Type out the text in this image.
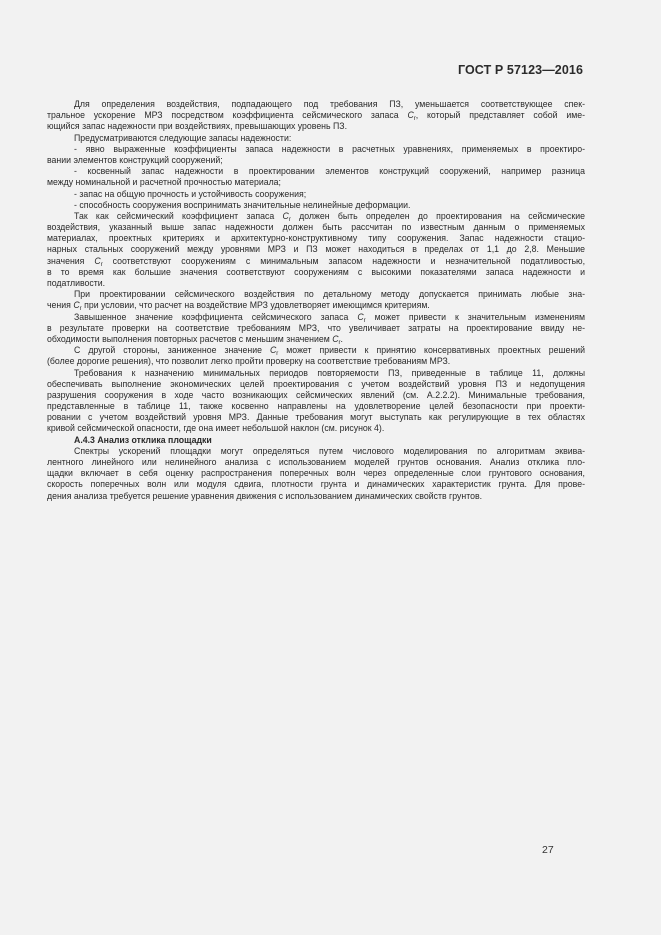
ГОСТ Р 57123—2016
Для определения воздействия, подпадающего под требования ПЗ, уменьшается соответствующее спек-
тральное ускорение МРЗ посредством коэффициента сейсмического запаса $C_r$, который представляет собой име-
ющийся запас надежности при воздействиях, превышающих уровень ПЗ.
Предусматриваются следующие запасы надежности:
- явно выраженные коэффициенты запаса надежности в расчетных уравнениях, применяемых в проектиро-
вании элементов конструкций сооружений;
- косвенный запас надежности в проектировании элементов конструкций сооружений, например разница
между номинальной и расчетной прочностью материала;
- запас на общую прочность и устойчивость сооружения;
- способность сооружения воспринимать значительные нелинейные деформации.
Так как сейсмический коэффициент запаса $C_r$ должен быть определен до проектирования на сейсмические
воздействия, указанный выше запас надежности должен быть рассчитан по известным данным о применяемых
материалах, проектных критериях и архитектурно-конструктивному типу сооружения. Запас надежности стацио-
нарных стальных сооружений между уровнями МРЗ и ПЗ может находиться в пределах от 1,1 до 2,8. Меньшие
значения $C_r$ соответствуют сооружениям с минимальным запасом надежности и незначительной податливостью,
в то время как большие значения соответствуют сооружениям с высокими показателями запаса надежности и
податливости.
При проектировании сейсмического воздействия по детальному методу допускается принимать любые зна-
чения $C_r$ при условии, что расчет на воздействие МРЗ удовлетворяет имеющимся критериям.
Завышенное значение коэффициента сейсмического запаса $C_r$ может привести к значительным изменениям
в результате проверки на соответствие требованиям МРЗ, что увеличивает затраты на проектирование ввиду не-
обходимости выполнения повторных расчетов с меньшим значением $C_r$.
С другой стороны, заниженное значение $C_r$ может привести к принятию консервативных проектных решений
(более дорогие решения), что позволит легко пройти проверку на соответствие требованиям МРЗ.
Требования к назначению минимальных периодов повторяемости ПЗ, приведенные в таблице 11, должны
обеспечивать выполнение экономических целей проектирования с учетом воздействий уровня ПЗ и недопущения
разрушения сооружения в ходе часто возникающих сейсмических явлений (см. А.2.2.2). Минимальные требования,
представленные в таблице 11, также косвенно направлены на удовлетворение целей безопасности при проекти-
ровании с учетом воздействий уровня МРЗ. Данные требования могут выступать как регулирующие в тех областях
кривой сейсмической опасности, где она имеет небольшой наклон (см. рисунок 4).
А.4.3 Анализ отклика площадки
Спектры ускорений площадки могут определяться путем числового моделирования по алгоритмам эквива-
лентного линейного или нелинейного анализа с использованием моделей грунтов основания. Анализ отклика пло-
щадки включает в себя оценку распространения поперечных волн через определенные слои грунтового основания,
скорость поперечных волн или модуля сдвига, плотности грунта и динамических характеристик грунта. Для прове-
дения анализа требуется решение уравнения движения с использованием динамических свойств грунтов.
27
